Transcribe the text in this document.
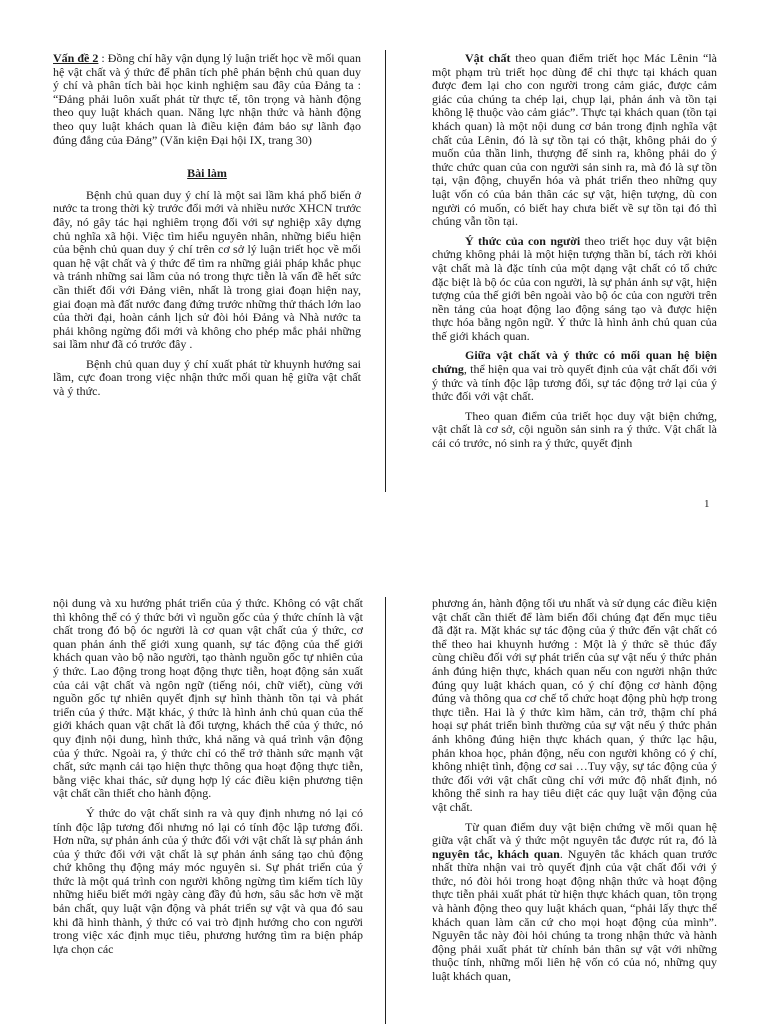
Vấn đề 2 : Đồng chí hãy vận dụng lý luận triết học về mối quan hệ vật chất và ý thức để phân tích phê phán bệnh chủ quan duy ý chí và phân tích bài học kinh nghiệm sau đây của Đảng ta : “Đảng phải luôn xuất phát từ thực tế, tôn trọng và hành động theo quy luật khách quan. Năng lực nhận thức và hành động theo quy luật khách quan là điều kiện đảm bảo sự lãnh đạo đúng đắng của Đảng” (Văn kiện Đại hội IX, trang 30)

Bài làm

Bệnh chủ quan duy ý chí là một sai lầm khá phổ biến ở nước ta trong thời kỳ trước đổi mới và nhiều nước XHCN trước đây, nó gây tác hại nghiêm trọng đối với sự nghiệp xây dựng chủ nghĩa xã hội. Việc tìm hiểu nguyên nhân, những biểu hiện của bệnh chủ quan duy ý chí trên cơ sở lý luận triết học về mối quan hệ vật chất và ý thức để tìm ra những giải pháp khắc phục và tránh những sai lầm của nó trong thực tiễn là vấn đề hết sức cần thiết đối với Đảng viên, nhất là trong giai đoạn hiện nay, giai đoạn mà đất nước đang đứng trước những thử thách lớn lao của thời đại, hoàn cảnh lịch sử đòi hỏi Đảng và Nhà nước ta phải không ngừng đổi mới và không cho phép mắc phải những sai lầm như đã có trước đây .

Bệnh chủ quan duy ý chí xuất phát từ khuynh hướng sai lầm, cực đoan trong việc nhận thức mối quan hệ giữa vật chất và ý thức.

Vật chất theo quan điểm triết học Mác Lênin “là một phạm trù triết học dùng để chỉ thực tại khách quan được đem lại cho con người trong cảm giác, được cảm giác của chúng ta chép lại, chụp lại, phản ánh và tồn tại không lệ thuộc vào cảm giác”. Thực tại khách quan (tồn tại khách quan) là một nội dung cơ bản trong định nghĩa vật chất của Lênin, đó là sự tồn tại có thật, không phải do ý muốn của thần linh, thượng đế sinh ra, không phải do ý thức chức quan của con người sản sinh ra, mà đó là sự tồn tại, vận động, chuyển hóa và phát triển theo những quy luật vốn có của bản thân các sự vật, hiện tượng, dù con người có muốn, có biết hay chưa biết về sự tồn tại đó thì chúng vẫn tồn tại.

Ý thức của con người theo triết học duy vật biện chứng không phải là một hiện tượng thần bí, tách rời khỏi vật chất mà là đặc tính của một dạng vật chất có tổ chức đặc biệt là bộ óc của con người, là sự phản ánh sự vật, hiện tượng của thế giới bên ngoài vào bộ óc của con người trên nền tảng của hoạt động lao động sáng tạo và được hiện thực hóa bằng ngôn ngữ. Ý thức là hình ảnh chủ quan của thế giới khách quan.

Giữa vật chất và ý thức có mối quan hệ biện chứng, thể hiện qua vai trò quyết định của vật chất đối với ý thức và tính độc lập tương đối, sự tác động trở lại của ý thức đối với vật chất.

Theo quan điểm của triết học duy vật biện chứng, vật chất là cơ sở, cội nguồn sản sinh ra ý thức. Vật chất là cái có trước, nó sinh ra ý thức, quyết định

1

nội dung và xu hướng phát triển của ý thức. Không có vật chất thì không thể có ý thức bởi vì nguồn gốc của ý thức chính là vật chất trong đó bộ óc người là cơ quan vật chất của ý thức, cơ quan phản ánh thế giới xung quanh, sự tác động của thế giới khách quan vào bộ não người, tạo thành nguồn gốc tự nhiên của ý thức. Lao động trong hoạt động thực tiễn, hoạt động sản xuất của cải vật chất và ngôn ngữ (tiếng nói, chữ viết), cùng với nguồn gốc tự nhiên quyết định sự hình thành tồn tại và phát triển của ý thức. Mặt khác, ý thức là hình ảnh chủ quan của thế giới khách quan vật chất là đối tượng, khách thể của ý thức, nó quy định nội dung, hình thức, khả năng và quá trình vận động của ý thức. Ngoài ra, ý thức chỉ có thể trở thành sức mạnh vật chất, sức mạnh cải tạo hiện thực thông qua hoạt động thực tiễn, bằng việc khai thác, sử dụng hợp lý các điều kiện phương tiện vật chất cần thiết cho hành động.

Ý thức do vật chất sinh ra và quy định nhưng nó lại có tính độc lập tương đối nhưng nó lại có tính độc lập tương đối. Hơn nữa, sự phản ánh của ý thức đối với vật chất là sự phản ánh của ý thức đối với vật chất là sự phản ánh sáng tạo chủ động chứ không thụ động máy móc nguyên si. Sự phát triển của ý thức là một quá trình con người không ngừng tìm kiếm tích lũy những hiểu biết mới ngày càng đầy đủ hơn, sâu sắc hơn về mặt bản chất, quy luật vận động và phát triển sự vật và qua đó sau khi đã hình thành, ý thức có vai trò định hướng cho con người trong việc xác định mục tiêu, phương hướng tìm ra biện pháp lựa chọn các

phương án, hành động tối ưu nhất và sử dụng các điều kiện vật chất cần thiết để làm biến đổi chúng đạt đến mục tiêu đã đặt ra. Mặt khác sự tác động của ý thức đến vật chất có thể theo hai khuynh hướng : Một là ý thức sẽ thúc đẩy cùng chiều đối với sự phát triển của sự vật nếu ý thức phản ánh đúng hiện thực, khách quan nếu con người nhận thức đúng quy luật khách quan, có ý chí động cơ hành động đúng và thông qua cơ chế tổ chức hoạt động phù hợp trong thực tiễn. Hai là ý thức kìm hãm, cản trở, thậm chí phá hoại sự phát triển bình thường của sự vật nếu ý thức phản ánh không đúng hiện thực khách quan, ý thức lạc hậu, phản khoa học, phản động, nếu con người không có ý chí, không nhiệt tình, động cơ sai …Tuy vậy, sự tác động của ý thức đối với vật chất cũng chỉ với mức độ nhất định, nó không thể sinh ra hay tiêu diệt các quy luật vận động của vật chất.

Từ quan điểm duy vật biện chứng về mối quan hệ giữa vật chất và ý thức một nguyên tắc được rút ra, đó là nguyên tắc, khách quan. Nguyên tắc khách quan trước nhất thừa nhận vai trò quyết định của vật chất đối với ý thức, nó đòi hỏi trong hoạt động nhận thức và hoạt động thực tiễn phải xuất phát từ hiện thực khách quan, tôn trọng và hành động theo quy luật khách quan, “phải lấy thực thể khách quan làm căn cứ cho mọi hoạt động của mình”. Nguyên tắc này đòi hỏi chúng ta trong nhận thức và hành động phải xuất phát từ chính bản thân sự vật với những thuộc tính, những mối liên hệ vốn có của nó, những quy luật khách quan,
